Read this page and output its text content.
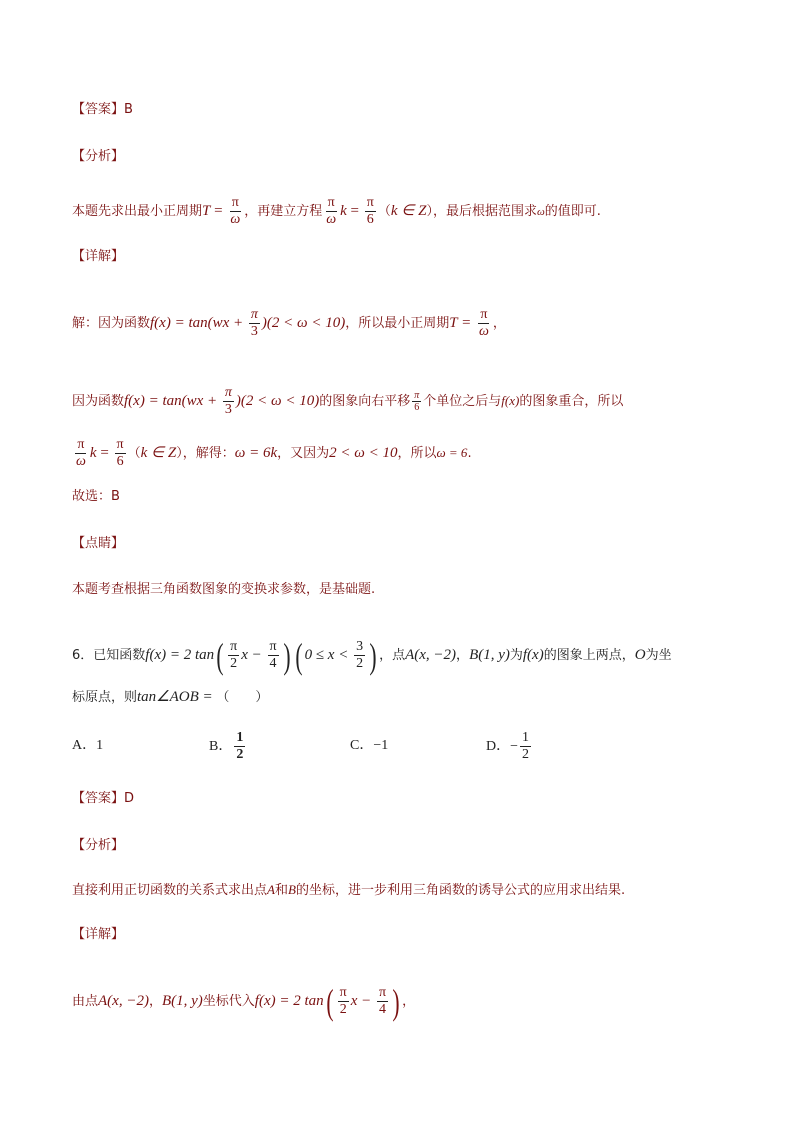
【答案】B
【分析】
本题先求出最小正周期$T = \frac{\pi}{\omega}$ ，再建立方程 $\frac{\pi}{\omega}$ $k = \frac{\pi}{6} (k$ ∈ Z），最后根据范围求ω的值即可.
【详解】
解：因为函数$f(x) = \tan(wx + \frac{\pi}{3} )(2 < \omega < 10)$，所以最小正周期$T = \frac{\pi}{\omega}$ ，
因为函数$f(x) = \tan(wx + \frac{\pi}{3} )(2 < \omega < 10)$的图象向右平移 $\frac{\pi}{6}$ 个单位之后与f(x)的图象重合，所以
$\frac{\pi}{\omega}$ $k = \frac{\pi}{6} (k$ ∈ Z），解得：ω = 6k，又因为2 < ω < 10，所以ω = 6.
故选：B
【点睛】
本题考查根据三角函数图象的变换求参数，是基础题.
6．已知函数f(x) = 2 $\tan( \frac{\pi}{2}$ $x - \frac{\pi}{4}$ ) ( $0 \le x < \frac{3}{2}$ ) ，点A(x, −2)，B(1, y)为f(x)的图象上两点，O为坐
标原点，则tan∠AOB = （　　）
A．1	B． $\frac{1}{2}$	C．−1	D．− $\frac{1}{2}$
【答案】D
【分析】
直接利用正切函数的关系式求出点A和B的坐标，进一步利用三角函数的诱导公式的应用求出结果.
【详解】
由点A(x, −2)，B(1, y)坐标代入f(x) = 2 $\tan( \frac{\pi}{2}$ $x - \frac{\pi}{4}$ ) ，
